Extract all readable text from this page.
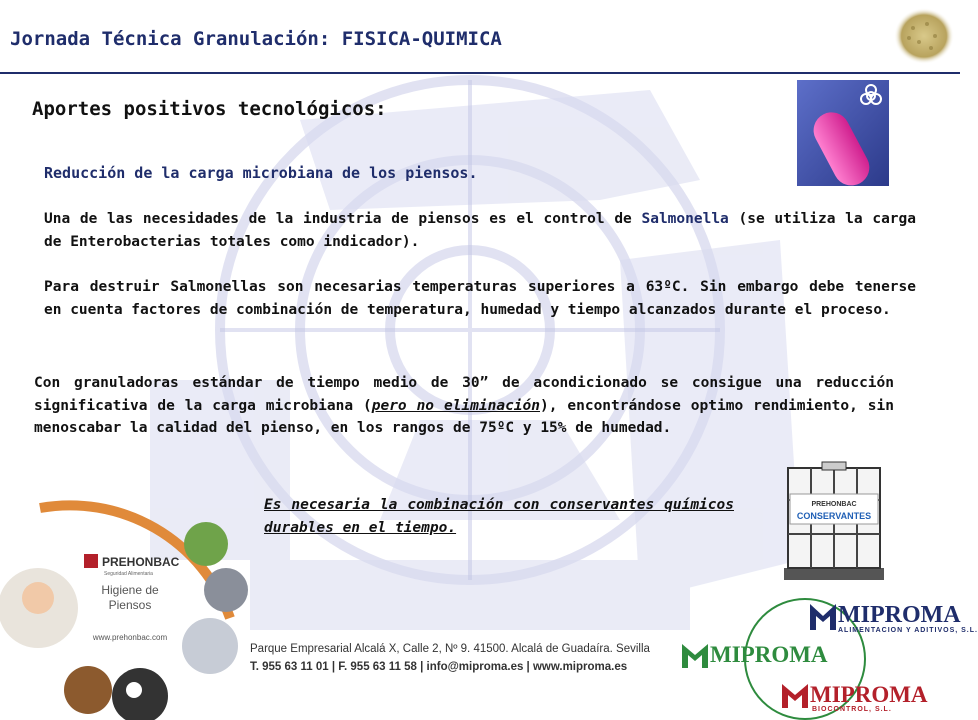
Jornada Técnica Granulación: FISICA-QUIMICA
Aportes positivos tecnológicos:
Reducción de la carga microbiana de los piensos.
Una de las necesidades de la industria de piensos es el control de Salmonella (se utiliza la carga de Enterobacterias totales como indicador).
Para destruir Salmonellas son necesarias temperaturas superiores a 63ºC. Sin embargo debe tenerse en cuenta factores de combinación de temperatura, humedad y tiempo alcanzados durante el proceso.
Con granuladoras estándar de tiempo medio de 30” de acondicionado se consigue una reducción significativa de la carga microbiana (pero no eliminación), encontrándose optimo rendimiento, sin menoscabar la calidad del pienso, en los rangos de 75ºC y 15% de humedad.
Es necesaria la combinación con conservantes químicos durables en el tiempo.
PREHONBAC
CONSERVANTES
PREHONBAC
Seguridad Alimentaria
Higiene de
Piensos
www.prehonbac.com
Parque Empresarial Alcalá X, Calle 2, Nº 9. 41500. Alcalá de Guadaíra. Sevilla
T. 955 63 11 01 | F. 955 63 11 58 | info@miproma.es | www.miproma.es
MIPROMA
ALIMENTACION Y ADITIVOS, S.L.
MIPROMA
MIPROMA
BIOCONTROL, S.L.
